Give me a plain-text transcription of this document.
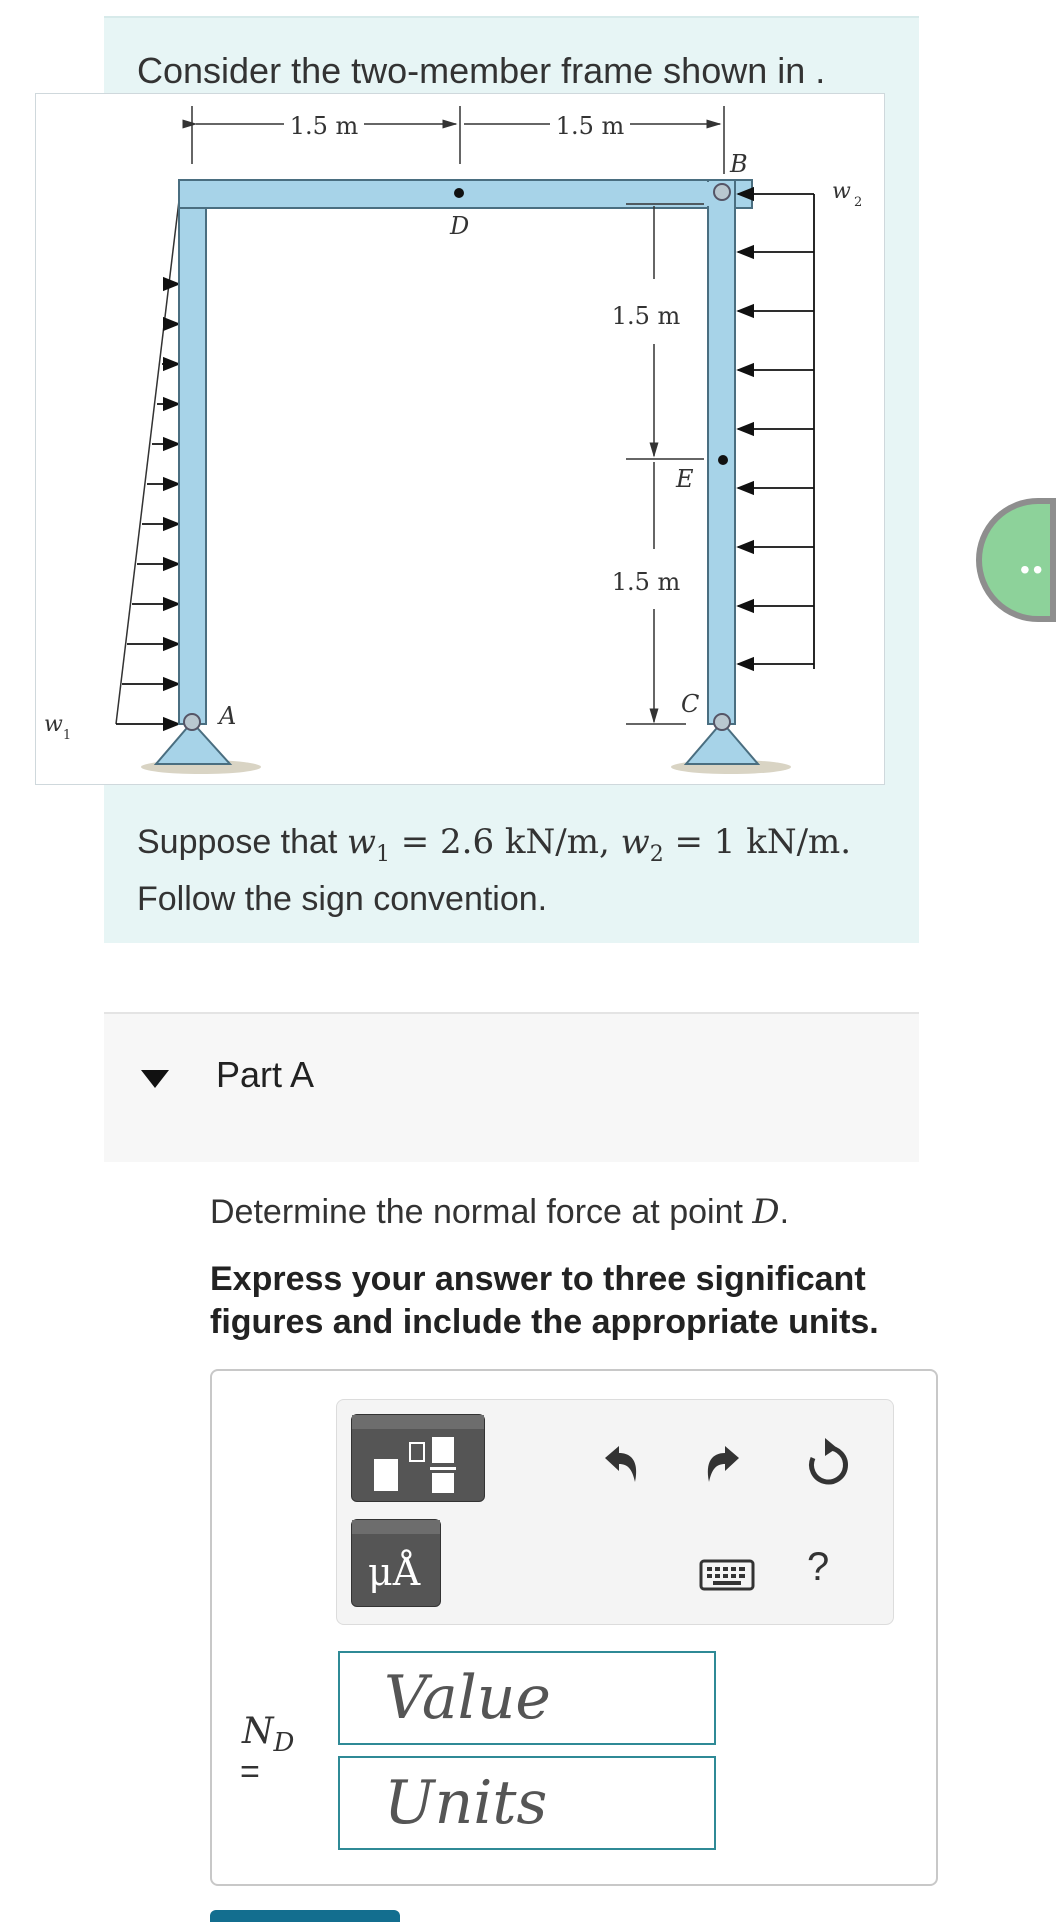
Consider the two-member frame shown in .
1.5 m	1.5 m
1.5 m
1.5 m
B
D
E
C
A
w 2
$w_1$
Suppose that $w_1 = 2.6$ kN/m, $w_2 = 1$ kN/m.
Follow the sign convention.
Part A
Determine the normal force at point D.
Express your answer to three significant figures and include the appropriate units.
μÅ	?
$N_D$
=
Value
Units
••
